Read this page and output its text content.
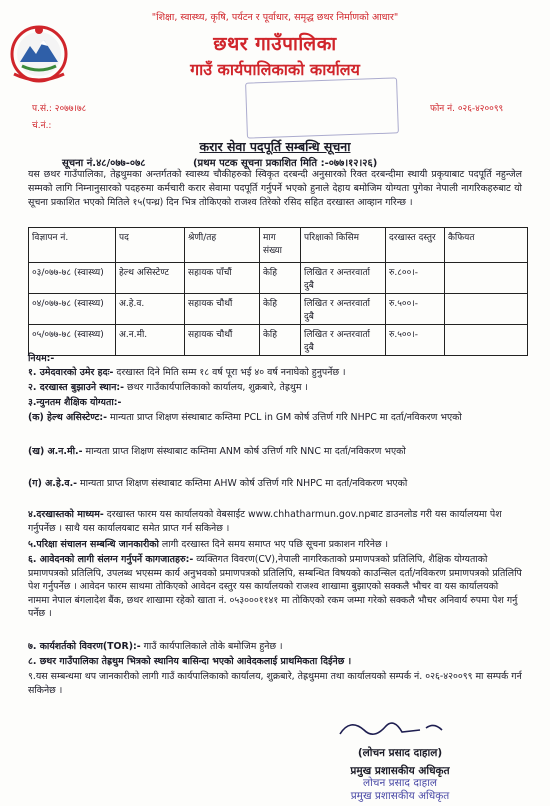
"शिक्षा, स्वास्थ्य, कृषि, पर्यटन र पूर्वाधार, समृद्ध छथर निर्माणको आधार"
छथर गाउँपालिका
गाउँ कार्यपालिकाको कार्यालय
प.सं.: २०७७।७८
चं.नं.:
फोन नं. ०२६-४२००९९
करार सेवा पदपूर्ति सम्बन्धि सूचना
सूचना नं.४८/०७७-०७८	(प्रथम पटक सूचना प्रकाशित मिति :-०७७।१२।२६)
यस छथर गाउँपालिका, तेह्रथुमका अन्तर्गतको स्वास्थ्य चौकीहरुको स्विकृत दरबन्दी अनुसारको रिक्त दरबन्दीमा स्थायी प्रकृयाबाट पदपूर्ति नहुन्जेल सम्मको लागि निम्नानुसारको पदहरुमा कर्मचारी करार सेवामा पदपूर्ति गर्नुपर्ने भएको हुनाले देहाय बमोजिम योग्यता पुगेका नेपाली नागरिकहरुबाट यो सूचना प्रकाशित भएको मितिले १५(पन्ध्र) दिन भित्र तोकिएको राजश्व तिरेको रसिद सहित दरखास्त आव्हान गरिन्छ ।
विज्ञापन नं.	पद	श्रेणी/तह	माग संख्या	परिक्षाको किसिम	दरखास्त दस्तुर	कैफियत
०३/०७७-७८ (स्वास्थ्य)	हेल्थ असिस्टेण्ट	सहायक पाँचौं	केहि	लिखित र अन्तरवार्ता दुबै	रु.८००।-	
०४/०७७-७८ (स्वास्थ्य)	अ.हे.व.	सहायक चौथौं	केहि	लिखित र अन्तरवार्ता दुबै	रु.५००।-	
०५/०७७-७८ (स्वास्थ्य)	अ.न.मी.	सहायक चौथौं	केहि	लिखित र अन्तरवार्ता दुबै	रु.५००।-	
नियम:-
१. उमेदवारको उमेर हदः- दरखास्त दिने मिति सम्म १८ वर्ष पूरा भई ४० वर्ष ननाघेको हुनुपर्नेछ ।
२. दरखास्त बुझाउने स्थान:- छथर गाउँकार्यपालिकाको कार्यालय, शुक्रबारे, तेह्रथुम ।
३.न्युनतम शैक्षिक योग्यता:-
(क) हेल्थ असिस्टेण्ट:- मान्यता प्राप्त शिक्षण संस्थाबाट कम्तिमा PCL in GM कोर्ष उत्तिर्ण गरि NHPC मा दर्ता/नविकरण भएको
(ख) अ.न.मी.- मान्यता प्राप्त शिक्षण संस्थाबाट कम्तिमा ANM कोर्ष उत्तिर्ण गरि NNC मा दर्ता/नविकरण भएको
(ग) अ.हे.व.- मान्यता प्राप्त शिक्षण संस्थाबाट कम्तिमा AHW कोर्ष उत्तिर्ण गरि NHPC मा दर्ता/नविकरण भएको
४.दरखास्तको माध्यम- दरखास्त फारम यस कार्यालयको वेबसाईट www.chhatharmun.gov.npबाट डाउनलोड गरी यस कार्यालयमा पेश गर्नुपर्नेछ । साथै यस कार्यालयबाट समेत प्राप्त गर्न सकिनेछ ।
५.परिक्षा संचालन सम्बन्धि जानकारीको लागी दरखास्त दिने समय समाप्त भए पछि सूचना प्रकाशन गरिनेछ ।
६. आवेदनको लागी संलग्न गर्नुपर्ने कागजातहरु:- व्यक्तिगत विवरण(CV),नेपाली नागरिकताको प्रमाणपत्रको प्रतिलिपि, शैक्षिक योग्यताको प्रमाणपत्रको प्रतिलिपि, उपलब्ध भएसम्म कार्य अनुभवको प्रमाणपत्रको प्रतिलिपि, सम्बन्धित विषयको काउन्सिल दर्ता/नविकरण प्रमाणपत्रको प्रतिलिपि पेश गर्नुपर्नेछ । आवेदन फारम साथमा तोकिएको आवेदन दस्तुर यस कार्यालयको राजश्व शाखामा बुझाएको सक्कलै भौचर वा यस कार्यालयको नाममा नेपाल बंगलादेश बैंक, छथर शाखामा रहेको खाता नं. ०५३०००११४१ मा तोकिएको रकम जम्मा गरेको सक्कलै भौचर अनिवार्य रुपमा पेश गर्नु पर्नेछ ।
७. कार्यशर्तको विवरण(TOR):- गाउँ कार्यपालिकाले तोके बमोजिम हुनेछ ।
८. छथर गाउँपालिका तेह्रथुम भित्रको स्थानिय बासिन्दा भएको आवेदकलाई प्राथमिकता दिईनेछ ।
९.यस सम्बन्धमा थप जानकारीको लागी गाउँ कार्यपालिकाको कार्यालय, शुक्रबारे, तेह्रथुममा तथा कार्यालयको सम्पर्क नं. ०२६-४२००९९ मा सम्पर्क गर्न सकिनेछ ।
(लोचन प्रसाद दाहाल)
प्रमुख प्रशासकीय अधिकृत
लोचन प्रसाद दाहाल
प्रमुख प्रशासकीय अधिकृत
